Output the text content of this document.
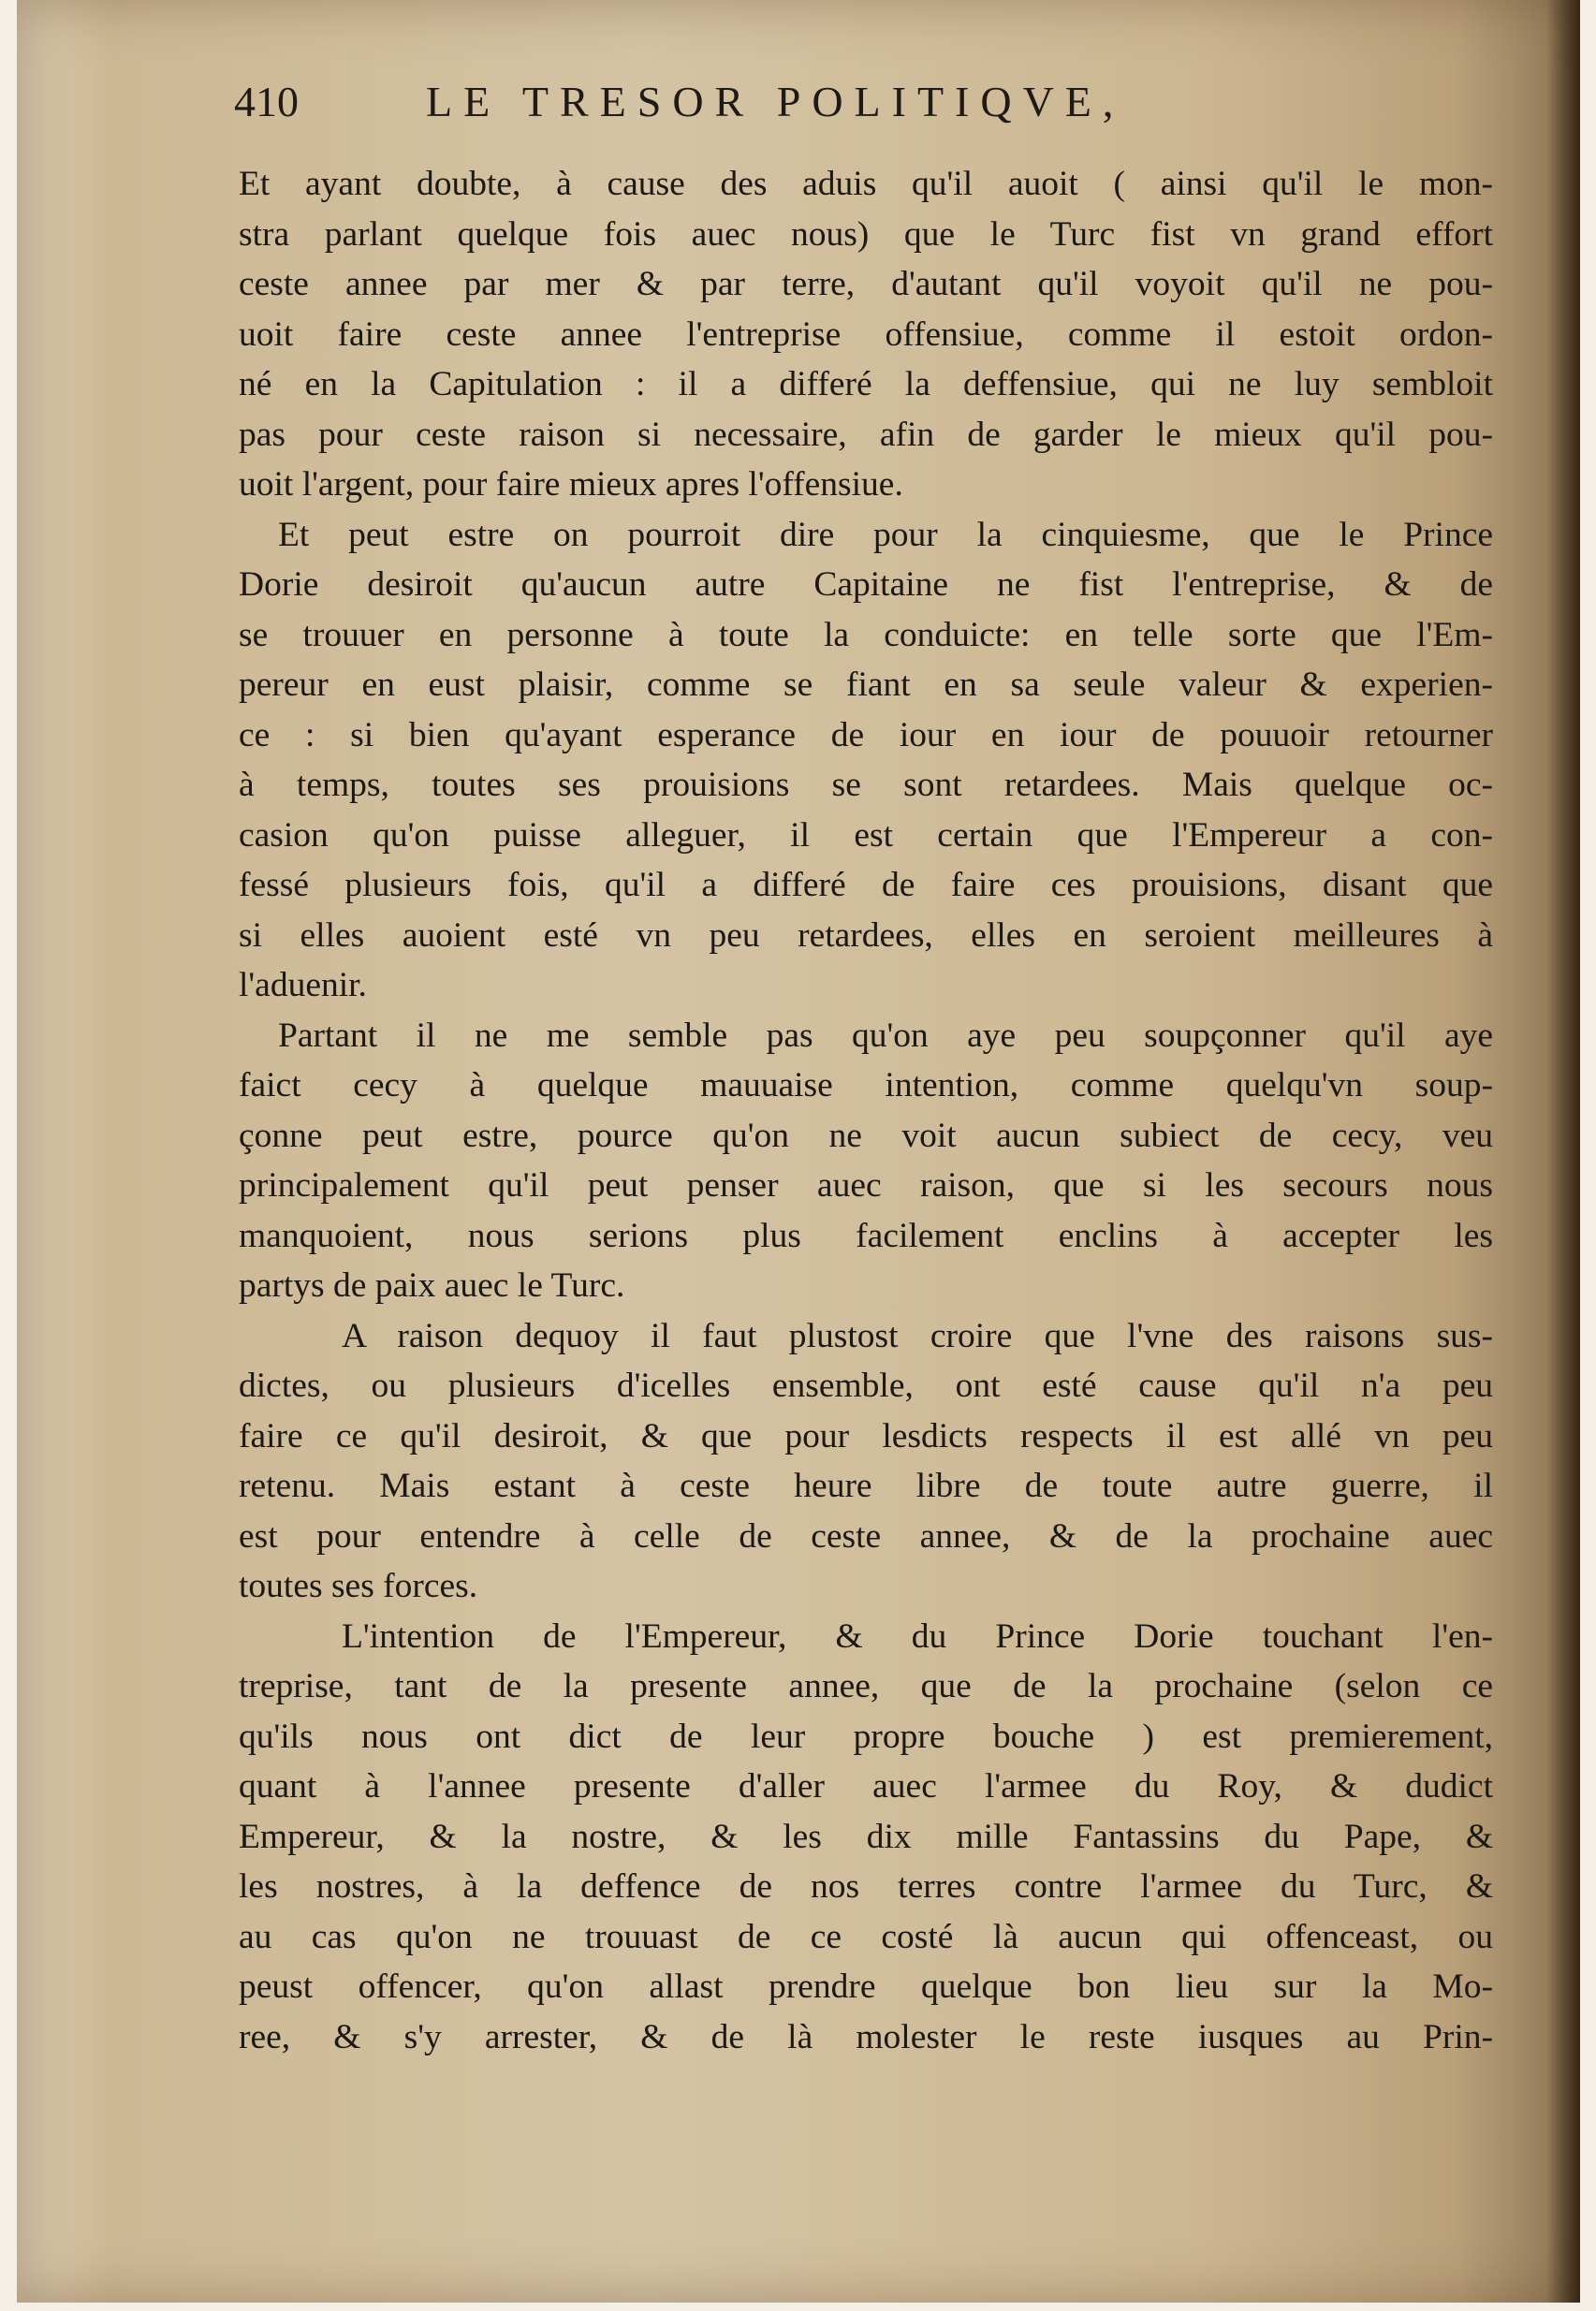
410	LE TRESOR POLITIQVE,
Et ayant doubte, à cause des aduis qu'il auoit ( ainsi qu'il le mon-
stra parlant quelque fois auec nous) que le Turc fist vn grand effort
ceste annee par mer & par terre, d'autant qu'il voyoit qu'il ne pou-
uoit faire ceste annee l'entreprise offensiue, comme il estoit ordon-
né en la Capitulation : il a differé la deffensiue, qui ne luy sembloit
pas pour ceste raison si necessaire, afin de garder le mieux qu'il pou-
uoit l'argent, pour faire mieux apres l'offensiue.
Et peut estre on pourroit dire pour la cinquiesme, que le Prince
Dorie desiroit qu'aucun autre Capitaine ne fist l'entreprise, & de
se trouuer en personne à toute la conduicte: en telle sorte que l'Em-
pereur en eust plaisir, comme se fiant en sa seule valeur & experien-
ce : si bien qu'ayant esperance de iour en iour de pouuoir retourner
à temps, toutes ses prouisions se sont retardees. Mais quelque oc-
casion qu'on puisse alleguer, il est certain que l'Empereur a con-
fessé plusieurs fois, qu'il a differé de faire ces prouisions, disant que
si elles auoient esté vn peu retardees, elles en seroient meilleures à
l'aduenir.
Partant il ne me semble pas qu'on aye peu soupçonner qu'il aye
faict cecy à quelque mauuaise intention, comme quelqu'vn soup-
çonne peut estre, pource qu'on ne voit aucun subiect de cecy, veu
principalement qu'il peut penser auec raison, que si les secours nous
manquoient, nous serions plus facilement enclins à accepter les
partys de paix auec le Turc.
A raison dequoy il faut plustost croire que l'vne des raisons sus-
dictes, ou plusieurs d'icelles ensemble, ont esté cause qu'il n'a peu
faire ce qu'il desiroit, & que pour lesdicts respects il est allé vn peu
retenu. Mais estant à ceste heure libre de toute autre guerre, il
est pour entendre à celle de ceste annee, & de la prochaine auec
toutes ses forces.
L'intention de l'Empereur, & du Prince Dorie touchant l'en-
treprise, tant de la presente annee, que de la prochaine (selon ce
qu'ils nous ont dict de leur propre bouche ) est premierement,
quant à l'annee presente d'aller auec l'armee du Roy, & dudict
Empereur, & la nostre, & les dix mille Fantassins du Pape, &
les nostres, à la deffence de nos terres contre l'armee du Turc, &
au cas qu'on ne trouuast de ce costé là aucun qui offenceast, ou
peust offencer, qu'on allast prendre quelque bon lieu sur la Mo-
ree, & s'y arrester, & de là molester le reste iusques au Prin-
